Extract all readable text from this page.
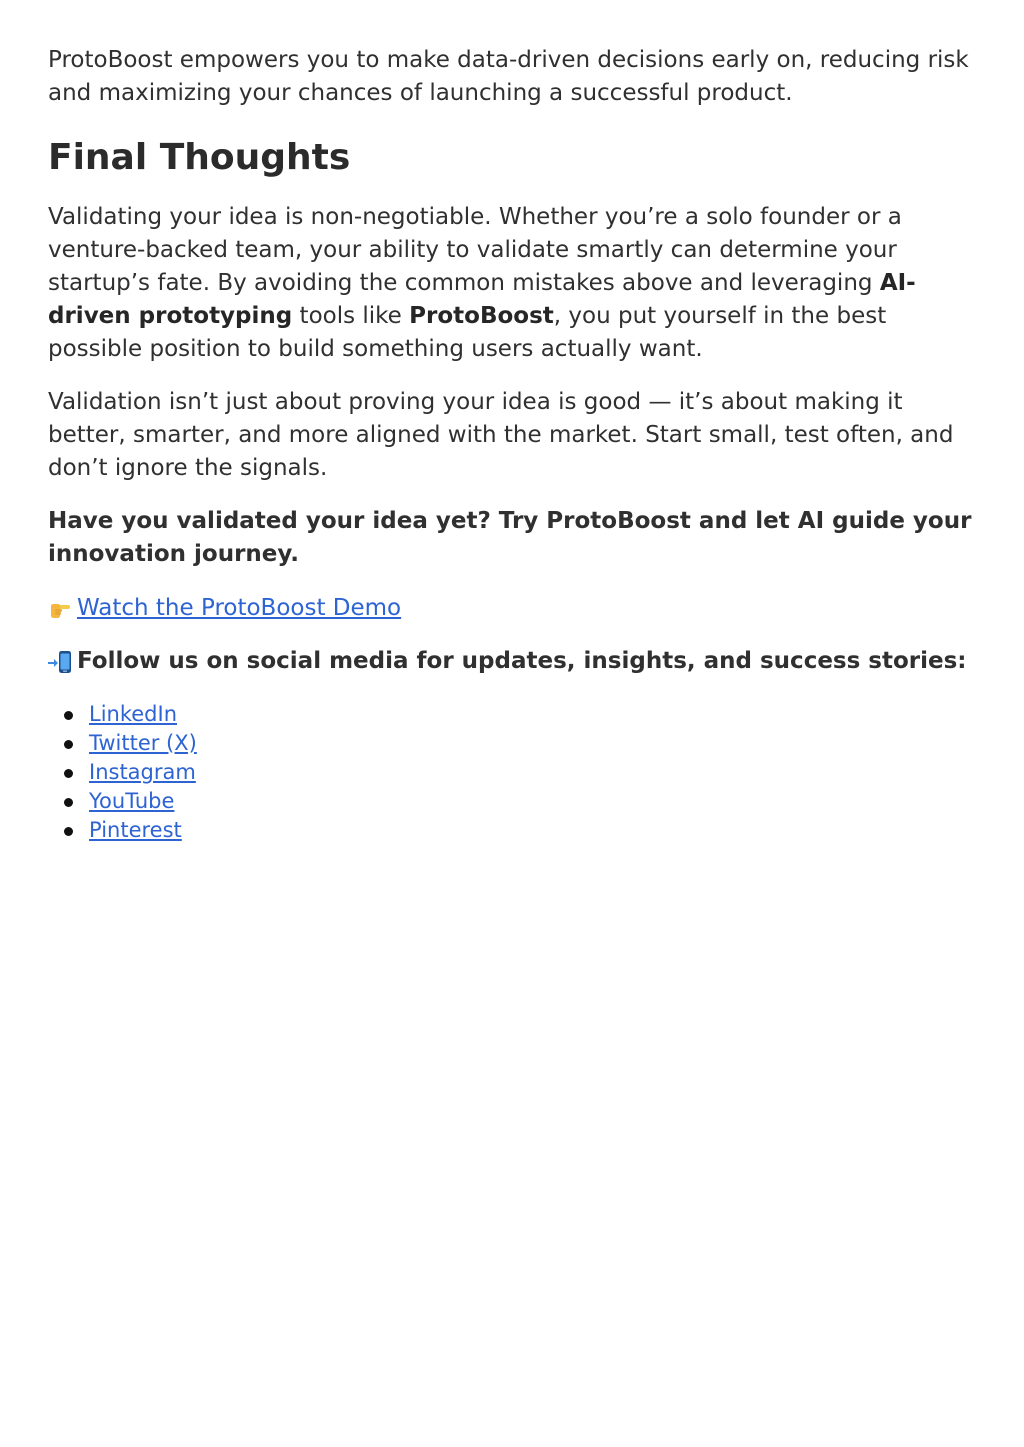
ProtoBoost empowers you to make data-driven decisions early on, reducing risk and maximizing your chances of launching a successful product.

Final Thoughts

Validating your idea is non-negotiable. Whether you’re a solo founder or a venture-backed team, your ability to validate smartly can determine your startup’s fate. By avoiding the common mistakes above and leveraging AI-driven prototyping tools like ProtoBoost, you put yourself in the best possible position to build something users actually want.

Validation isn’t just about proving your idea is good — it’s about making it better, smarter, and more aligned with the market. Start small, test often, and don’t ignore the signals.

Have you validated your idea yet? Try ProtoBoost and let AI guide your innovation journey.

Watch the ProtoBoost Demo

Follow us on social media for updates, insights, and success stories:

LinkedIn
Twitter (X)
Instagram
YouTube
Pinterest
